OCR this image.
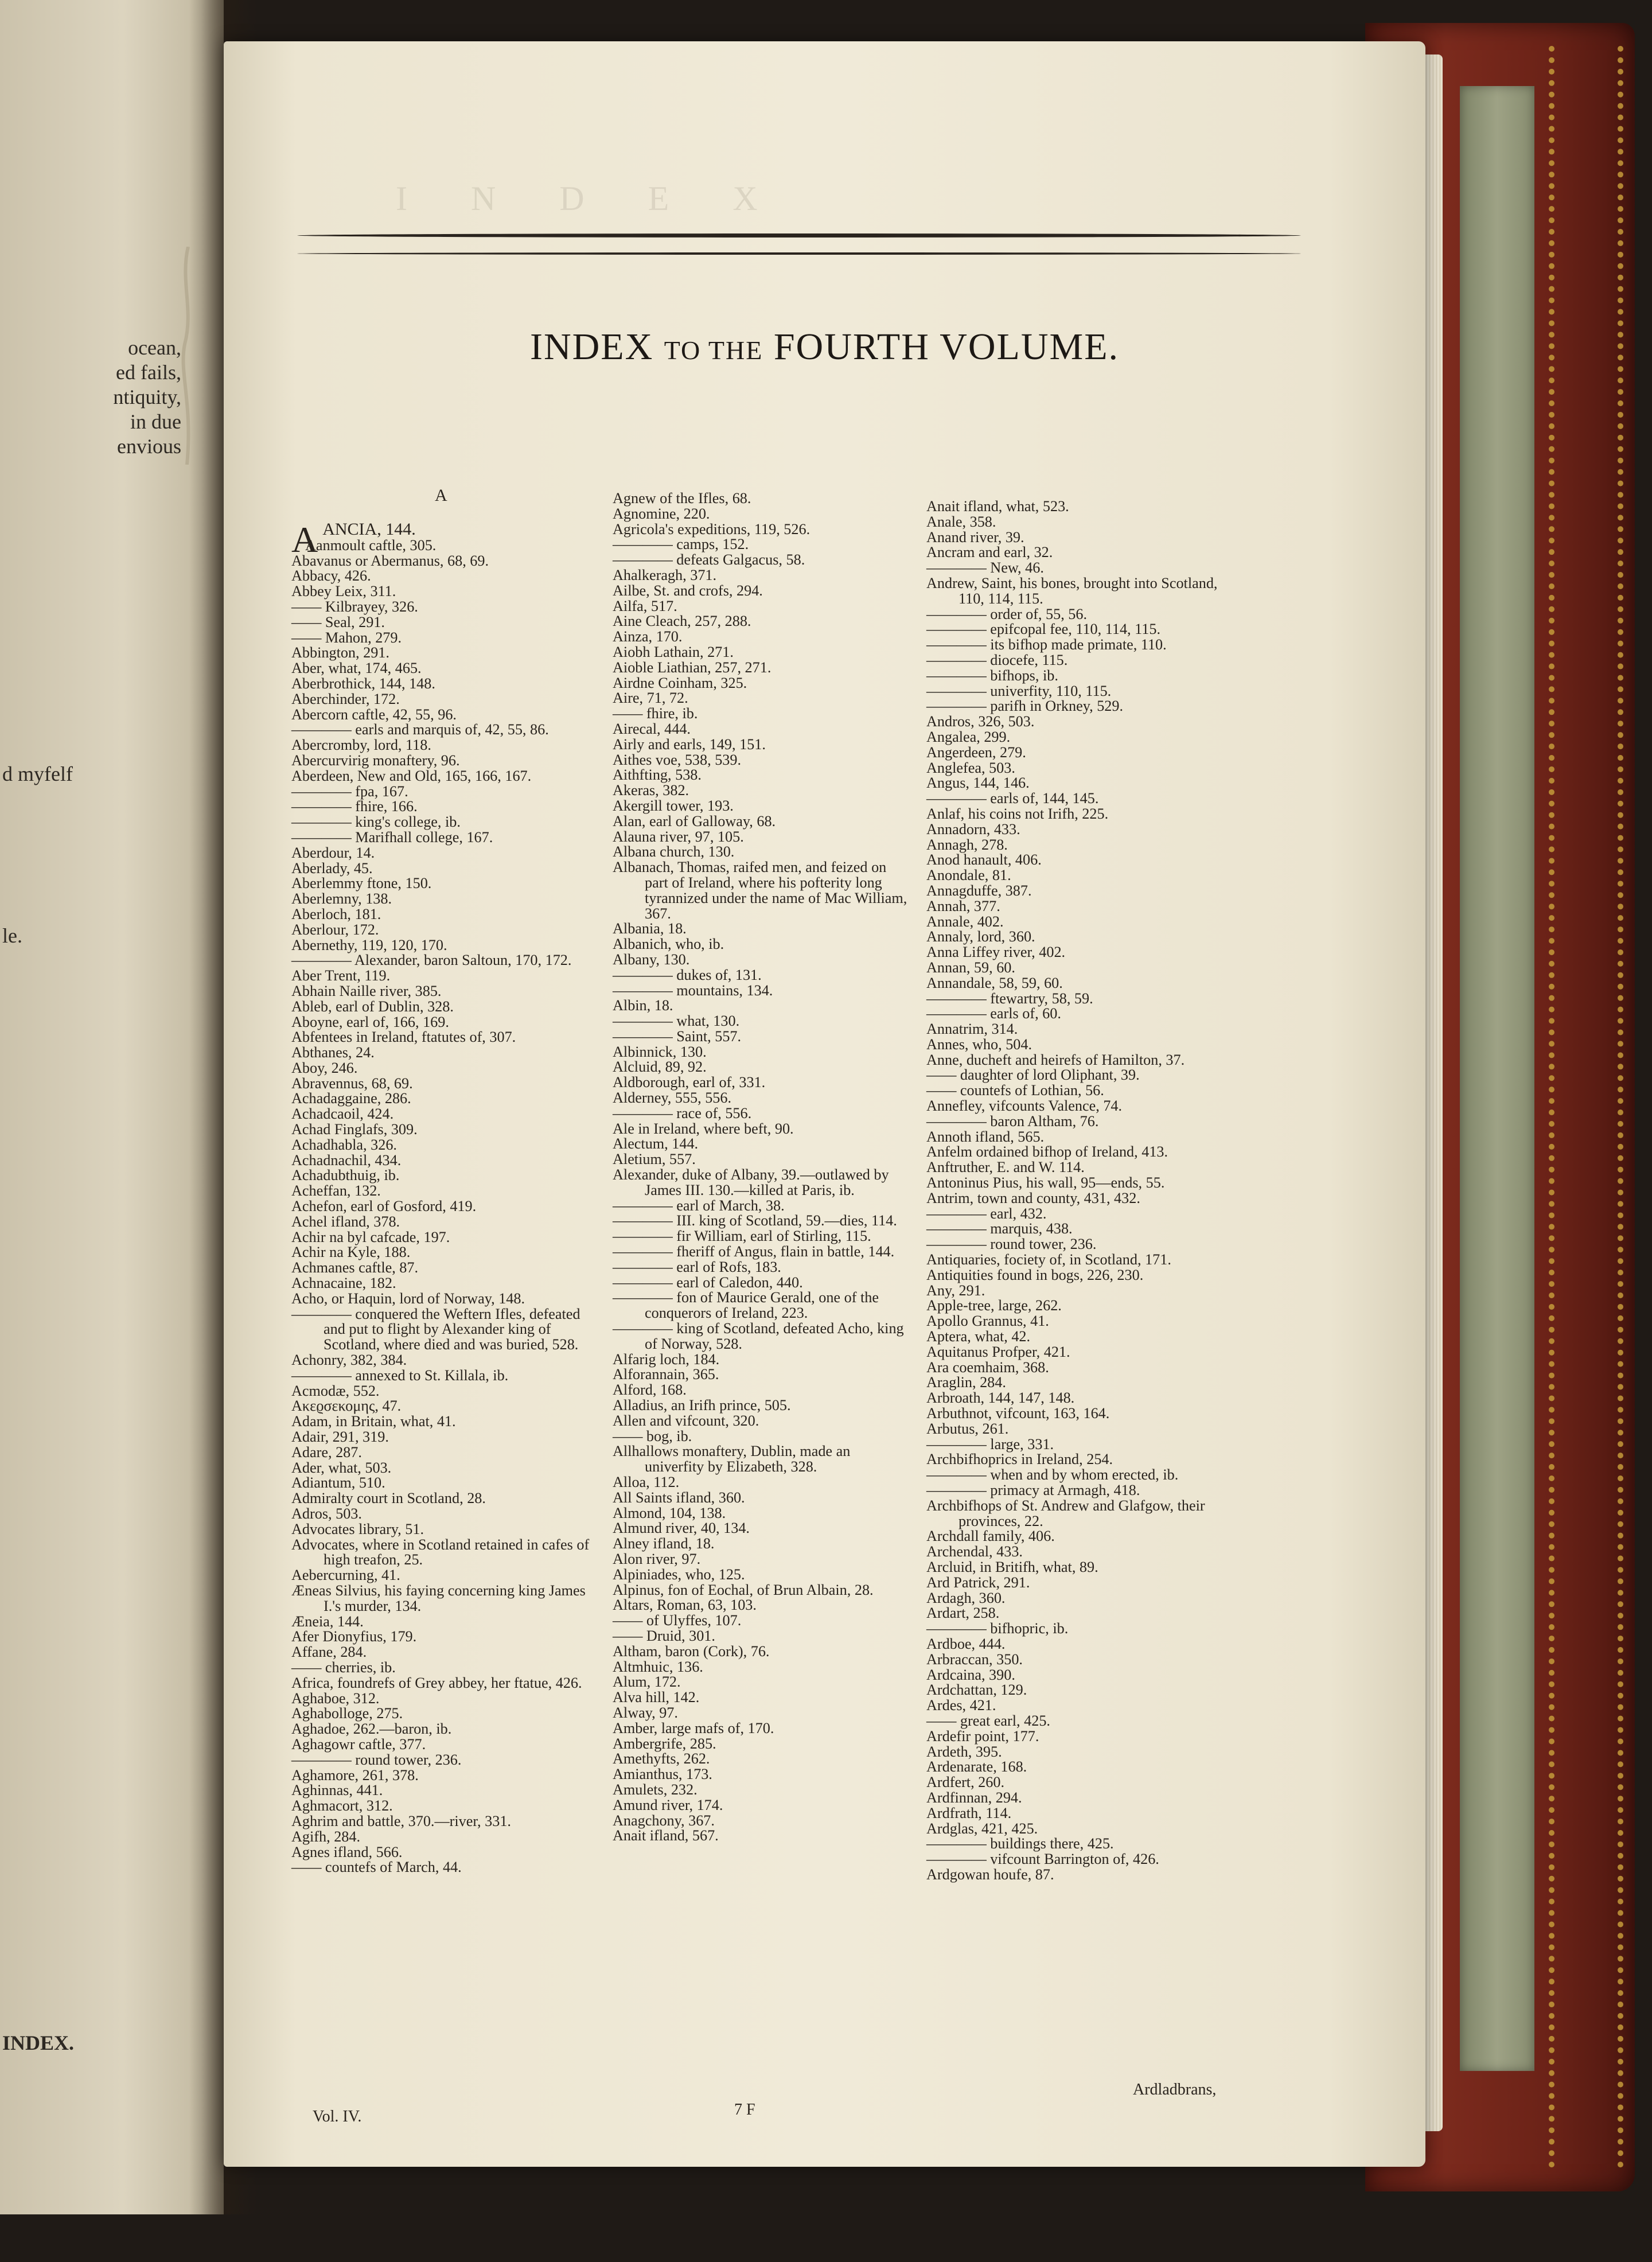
ocean,
ed fails,
ntiquity,
in due
envious
d myfelf
le.
INDEX.
I N D E X
INDEX TO THE FOURTH VOLUME.
A
AANCIA, 144.
Aanmoult caftle, 305.
Abavanus or Abermanus, 68, 69.
Abbacy, 426.
Abbey Leix, 311.
—— Kilbrayey, 326.
—— Seal, 291.
—— Mahon, 279.
Abbington, 291.
Aber, what, 174, 465.
Aberbrothick, 144, 148.
Aberchinder, 172.
Abercorn caftle, 42, 55, 96.
———— earls and marquis of, 42, 55, 86.
Abercromby, lord, 118.
Abercurvirig monaftery, 96.
Aberdeen, New and Old, 165, 166, 167.
———— fpa, 167.
———— fhire, 166.
———— king's college, ib.
———— Marifhall college, 167.
Aberdour, 14.
Aberlady, 45.
Aberlemmy ftone, 150.
Aberlemny, 138.
Aberloch, 181.
Aberlour, 172.
Abernethy, 119, 120, 170.
———— Alexander, baron Saltoun, 170, 172.
Aber Trent, 119.
Abhain Naille river, 385.
Ableb, earl of Dublin, 328.
Aboyne, earl of, 166, 169.
Abfentees in Ireland, ftatutes of, 307.
Abthanes, 24.
Aboy, 246.
Abravennus, 68, 69.
Achadaggaine, 286.
Achadcaoil, 424.
Achad Finglafs, 309.
Achadhabla, 326.
Achadnachil, 434.
Achadubthuig, ib.
Acheffan, 132.
Achefon, earl of Gosford, 419.
Achel ifland, 378.
Achir na byl cafcade, 197.
Achir na Kyle, 188.
Achmanes caftle, 87.
Achnacaine, 182.
Acho, or Haquin, lord of Norway, 148.
———— conquered the Weftern Ifles, defeated and put to flight by Alexander king of Scotland, where died and was buried, 528.
Achonry, 382, 384.
———— annexed to St. Killala, ib.
Acmodæ, 552.
Ακεϱσεκομης, 47.
Adam, in Britain, what, 41.
Adair, 291, 319.
Adare, 287.
Ader, what, 503.
Adiantum, 510.
Admiralty court in Scotland, 28.
Adros, 503.
Advocates library, 51.
Advocates, where in Scotland retained in cafes of high treafon, 25.
Aebercurning, 41.
Æneas Silvius, his faying concerning king James I.'s murder, 134.
Æneia, 144.
Afer Dionyfius, 179.
Affane, 284.
—— cherries, ib.
Africa, foundrefs of Grey abbey, her ftatue, 426.
Aghaboe, 312.
Aghabolloge, 275.
Aghadoe, 262.—baron, ib.
Aghagowr caftle, 377.
———— round tower, 236.
Aghamore, 261, 378.
Aghinnas, 441.
Aghmacort, 312.
Aghrim and battle, 370.—river, 331.
Agifh, 284.
Agnes ifland, 566.
—— countefs of March, 44.
Agnew of the Ifles, 68.
Agnomine, 220.
Agricola's expeditions, 119, 526.
———— camps, 152.
———— defeats Galgacus, 58.
Ahalkeragh, 371.
Ailbe, St. and crofs, 294.
Ailfa, 517.
Aine Cleach, 257, 288.
Ainza, 170.
Aiobh Lathain, 271.
Aioble Liathian, 257, 271.
Airdne Coinham, 325.
Aire, 71, 72.
—— fhire, ib.
Airecal, 444.
Airly and earls, 149, 151.
Aithes voe, 538, 539.
Aithfting, 538.
Akeras, 382.
Akergill tower, 193.
Alan, earl of Galloway, 68.
Alauna river, 97, 105.
Albana church, 130.
Albanach, Thomas, raifed men, and feized on part of Ireland, where his pofterity long tyrannized under the name of Mac William, 367.
Albania, 18.
Albanich, who, ib.
Albany, 130.
———— dukes of, 131.
———— mountains, 134.
Albin, 18.
———— what, 130.
———— Saint, 557.
Albinnick, 130.
Alcluid, 89, 92.
Aldborough, earl of, 331.
Alderney, 555, 556.
———— race of, 556.
Ale in Ireland, where beft, 90.
Alectum, 144.
Aletium, 557.
Alexander, duke of Albany, 39.—outlawed by James III. 130.—killed at Paris, ib.
———— earl of March, 38.
———— III. king of Scotland, 59.—dies, 114.
———— fir William, earl of Stirling, 115.
———— fheriff of Angus, flain in battle, 144.
———— earl of Rofs, 183.
———— earl of Caledon, 440.
———— fon of Maurice Gerald, one of the conquerors of Ireland, 223.
———— king of Scotland, defeated Acho, king of Norway, 528.
Alfarig loch, 184.
Alforannain, 365.
Alford, 168.
Alladius, an Irifh prince, 505.
Allen and vifcount, 320.
—— bog, ib.
Allhallows monaftery, Dublin, made an univerfity by Elizabeth, 328.
Alloa, 112.
All Saints ifland, 360.
Almond, 104, 138.
Almund river, 40, 134.
Alney ifland, 18.
Alon river, 97.
Alpiniades, who, 125.
Alpinus, fon of Eochal, of Brun Albain, 28.
Altars, Roman, 63, 103.
—— of Ulyffes, 107.
—— Druid, 301.
Altham, baron (Cork), 76.
Altmhuic, 136.
Alum, 172.
Alva hill, 142.
Alway, 97.
Amber, large mafs of, 170.
Ambergrife, 285.
Amethyfts, 262.
Amianthus, 173.
Amulets, 232.
Amund river, 174.
Anagchony, 367.
Anait ifland, 567.
Anait ifland, what, 523.
Anale, 358.
Anand river, 39.
Ancram and earl, 32.
———— New, 46.
Andrew, Saint, his bones, brought into Scotland, 110, 114, 115.
———— order of, 55, 56.
———— epifcopal fee, 110, 114, 115.
———— its bifhop made primate, 110.
———— diocefe, 115.
———— bifhops, ib.
———— univerfity, 110, 115.
———— parifh in Orkney, 529.
Andros, 326, 503.
Angalea, 299.
Angerdeen, 279.
Anglefea, 503.
Angus, 144, 146.
———— earls of, 144, 145.
Anlaf, his coins not Irifh, 225.
Annadorn, 433.
Annagh, 278.
Anod hanault, 406.
Anondale, 81.
Annagduffe, 387.
Annah, 377.
Annale, 402.
Annaly, lord, 360.
Anna Liffey river, 402.
Annan, 59, 60.
Annandale, 58, 59, 60.
———— ftewartry, 58, 59.
———— earls of, 60.
Annatrim, 314.
Annes, who, 504.
Anne, ducheft and heirefs of Hamilton, 37.
—— daughter of lord Oliphant, 39.
—— countefs of Lothian, 56.
Annefley, vifcounts Valence, 74.
———— baron Altham, 76.
Annoth ifland, 565.
Anfelm ordained bifhop of Ireland, 413.
Anftruther, E. and W. 114.
Antoninus Pius, his wall, 95—ends, 55.
Antrim, town and county, 431, 432.
———— earl, 432.
———— marquis, 438.
———— round tower, 236.
Antiquaries, fociety of, in Scotland, 171.
Antiquities found in bogs, 226, 230.
Any, 291.
Apple-tree, large, 262.
Apollo Grannus, 41.
Aptera, what, 42.
Aquitanus Profper, 421.
Ara coemhaim, 368.
Araglin, 284.
Arbroath, 144, 147, 148.
Arbuthnot, vifcount, 163, 164.
Arbutus, 261.
———— large, 331.
Archbifhoprics in Ireland, 254.
———— when and by whom erected, ib.
———— primacy at Armagh, 418.
Archbifhops of St. Andrew and Glafgow, their provinces, 22.
Archdall family, 406.
Archendal, 433.
Arcluid, in Britifh, what, 89.
Ard Patrick, 291.
Ardagh, 360.
Ardart, 258.
———— bifhopric, ib.
Ardboe, 444.
Arbraccan, 350.
Ardcaina, 390.
Ardchattan, 129.
Ardes, 421.
—— great earl, 425.
Ardefir point, 177.
Ardeth, 395.
Ardenarate, 168.
Ardfert, 260.
Ardfinnan, 294.
Ardfrath, 114.
Ardglas, 421, 425.
———— buildings there, 425.
———— vifcount Barrington of, 426.
Ardgowan houfe, 87.
Vol. IV.	7 F
Ardladbrans,
